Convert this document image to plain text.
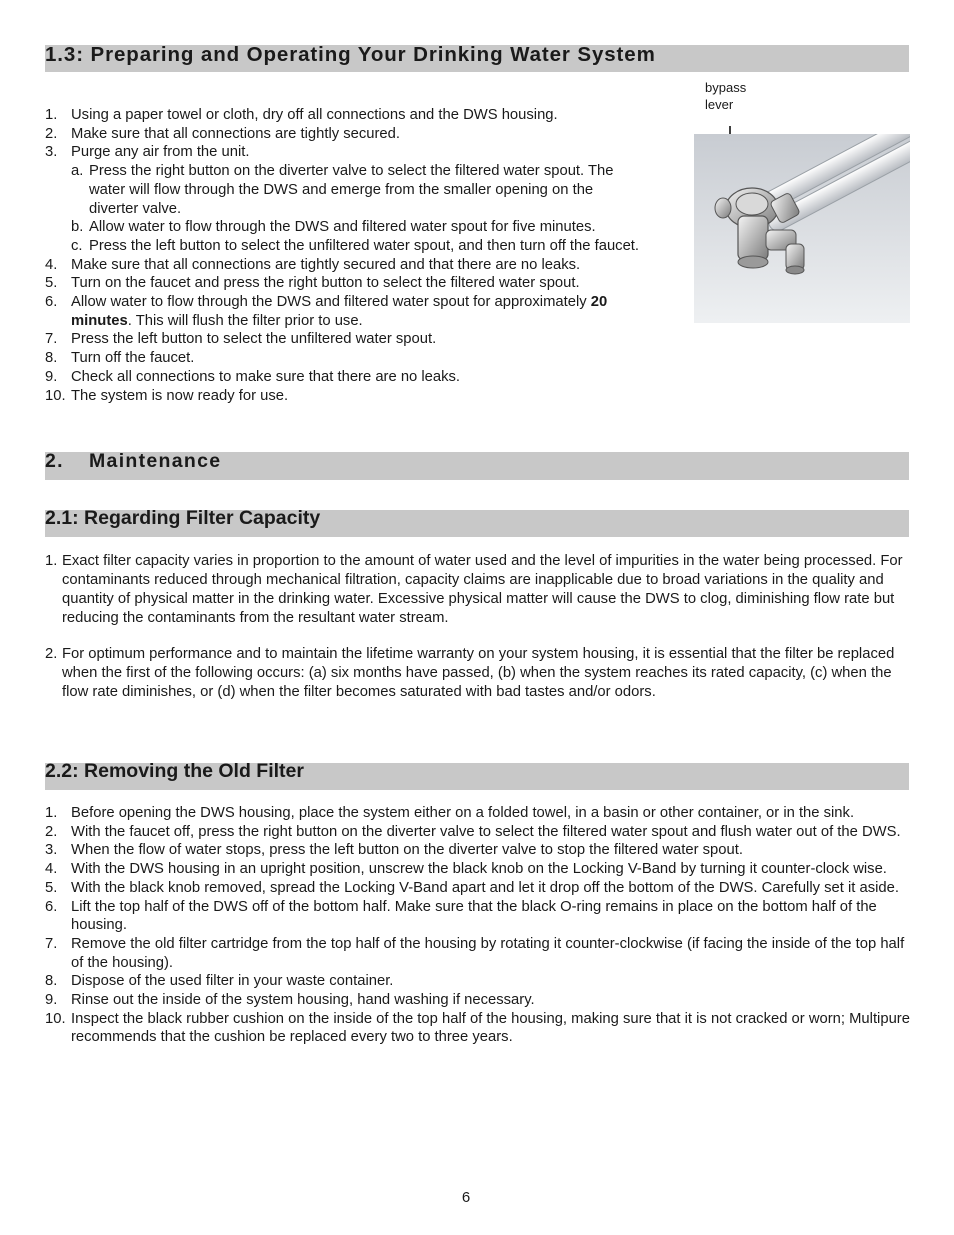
1.3: Preparing and Operating Your Drinking Water System
1. Using a paper towel or cloth, dry off all connections and the DWS housing.
2. Make sure that all connections are tightly secured.
3. Purge any air from the unit.
a. Press the right button on the diverter valve to select the filtered water spout. The water will flow through the DWS and emerge from the smaller opening on the diverter valve.
b. Allow water to flow through the DWS and filtered water spout for five minutes.
c. Press the left button to select the unfiltered water spout, and then turn off the faucet.
4. Make sure that all connections are tightly secured and that there are no leaks.
5. Turn on the faucet and press the right button to select the filtered water spout.
6. Allow water to flow through the DWS and filtered water spout for approximately 20 minutes. This will flush the filter prior to use.
7. Press the left button to select the unfiltered water spout.
8. Turn off the faucet.
9. Check all connections to make sure that there are no leaks.
10. The system is now ready for use.
bypass
lever
2. Maintenance
2.1: Regarding Filter Capacity
1. Exact filter capacity varies in proportion to the amount of water used and the level of impurities in the water being processed. For contaminants reduced through mechanical filtration, capacity claims are inapplicable due to broad variations in the quality and quantity of physical matter in the drinking water. Excessive physical matter will cause the DWS to clog, diminishing flow rate but reducing the contaminants from the resultant water stream.
2. For optimum performance and to maintain the lifetime warranty on your system housing, it is essential that the filter be replaced when the first of the following occurs: (a) six months have passed, (b) when the system reaches its rated capacity, (c) when the flow rate diminishes, or (d) when the filter becomes saturated with bad tastes and/or odors.
2.2: Removing the Old Filter
1. Before opening the DWS housing, place the system either on a folded towel, in a basin or other container, or in the sink.
2. With the faucet off, press the right button on the diverter valve to select the filtered water spout and flush water out of the DWS.
3. When the flow of water stops, press the left button on the diverter valve to stop the filtered water spout.
4. With the DWS housing in an upright position, unscrew the black knob on the Locking V-Band by turning it counter-clock wise.
5. With the black knob removed, spread the Locking V-Band apart and let it drop off the bottom of the DWS. Carefully set it aside.
6. Lift the top half of the DWS off of the bottom half. Make sure that the black O-ring remains in place on the bottom half of the housing.
7. Remove the old filter cartridge from the top half of the housing by rotating it counter-clockwise (if facing the inside of the top half of the housing).
8. Dispose of the used filter in your waste container.
9. Rinse out the inside of the system housing, hand washing if necessary.
10. Inspect the black rubber cushion on the inside of the top half of the housing, making sure that it is not cracked or worn; Multipure recommends that the cushion be replaced every two to three years.
6
